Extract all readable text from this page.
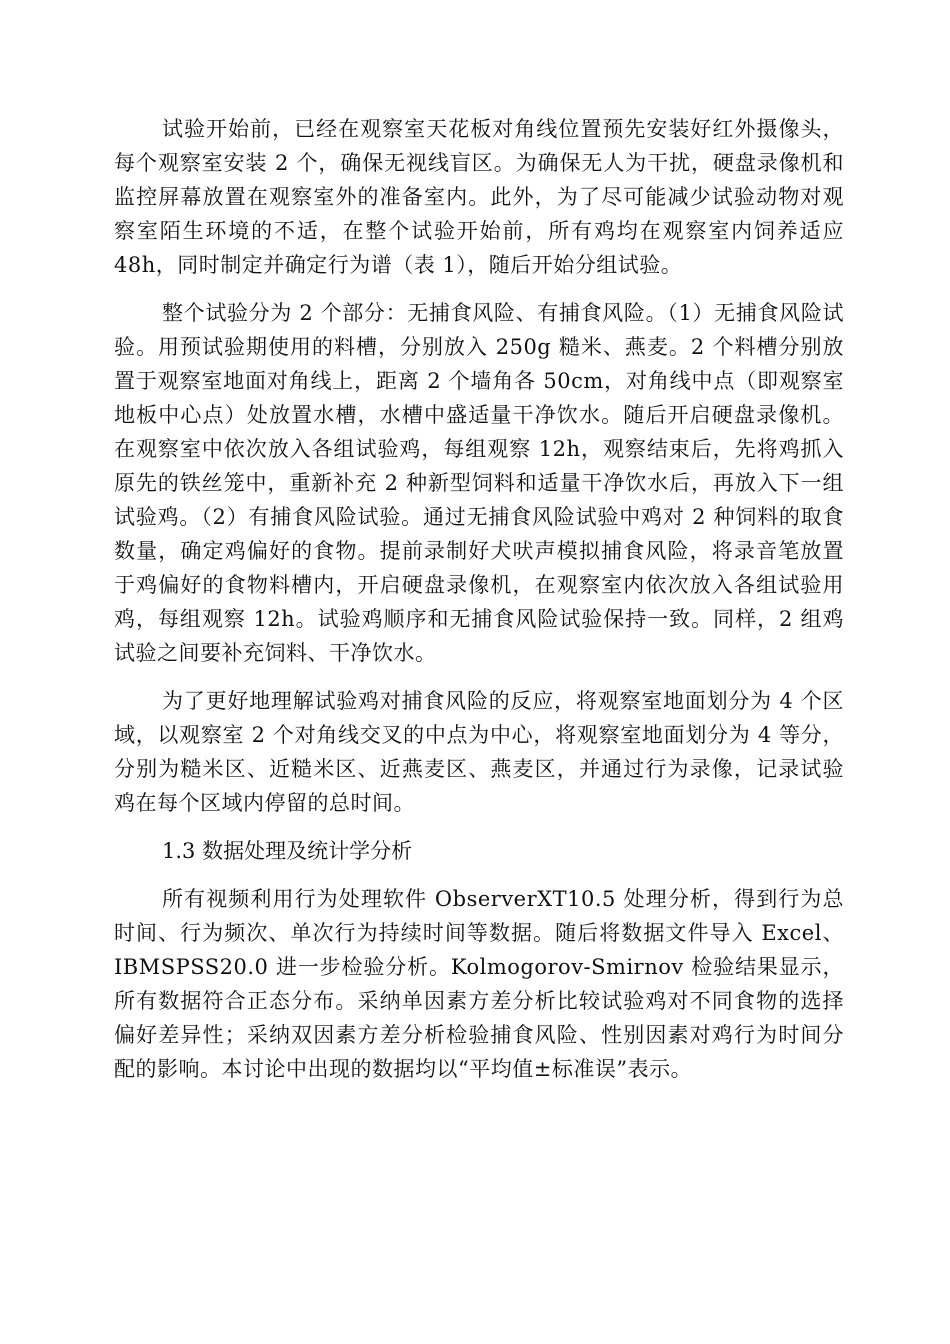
试验开始前，已经在观察室天花板对角线位置预先安装好红外摄像头，每个观察室安装 2 个，确保无视线盲区。为确保无人为干扰，硬盘录像机和监控屏幕放置在观察室外的准备室内。此外，为了尽可能减少试验动物对观察室陌生环境的不适，在整个试验开始前，所有鸡均在观察室内饲养适应 48h，同时制定并确定行为谱（表 1），随后开始分组试验。

整个试验分为 2 个部分：无捕食风险、有捕食风险。（1）无捕食风险试验。用预试验期使用的料槽，分别放入 250g 糙米、燕麦。2 个料槽分别放置于观察室地面对角线上，距离 2 个墙角各 50cm，对角线中点（即观察室地板中心点）处放置水槽，水槽中盛适量干净饮水。随后开启硬盘录像机。在观察室中依次放入各组试验鸡，每组观察 12h，观察结束后，先将鸡抓入原先的铁丝笼中，重新补充 2 种新型饲料和适量干净饮水后，再放入下一组试验鸡。（2）有捕食风险试验。通过无捕食风险试验中鸡对 2 种饲料的取食数量，确定鸡偏好的食物。提前录制好犬吠声模拟捕食风险，将录音笔放置于鸡偏好的食物料槽内，开启硬盘录像机，在观察室内依次放入各组试验用鸡，每组观察 12h。试验鸡顺序和无捕食风险试验保持一致。同样，2 组鸡试验之间要补充饲料、干净饮水。

为了更好地理解试验鸡对捕食风险的反应，将观察室地面划分为 4 个区域，以观察室 2 个对角线交叉的中点为中心，将观察室地面划分为 4 等分，分别为糙米区、近糙米区、近燕麦区、燕麦区，并通过行为录像，记录试验鸡在每个区域内停留的总时间。

1.3 数据处理及统计学分析

所有视频利用行为处理软件 ObserverXT10.5 处理分析，得到行为总时间、行为频次、单次行为持续时间等数据。随后将数据文件导入 Excel、IBMSPSS20.0 进一步检验分析。Kolmogorov-Smirnov 检验结果显示，所有数据符合正态分布。采纳单因素方差分析比较试验鸡对不同食物的选择偏好差异性；采纳双因素方差分析检验捕食风险、性别因素对鸡行为时间分配的影响。本讨论中出现的数据均以“平均值±标准误”表示。
